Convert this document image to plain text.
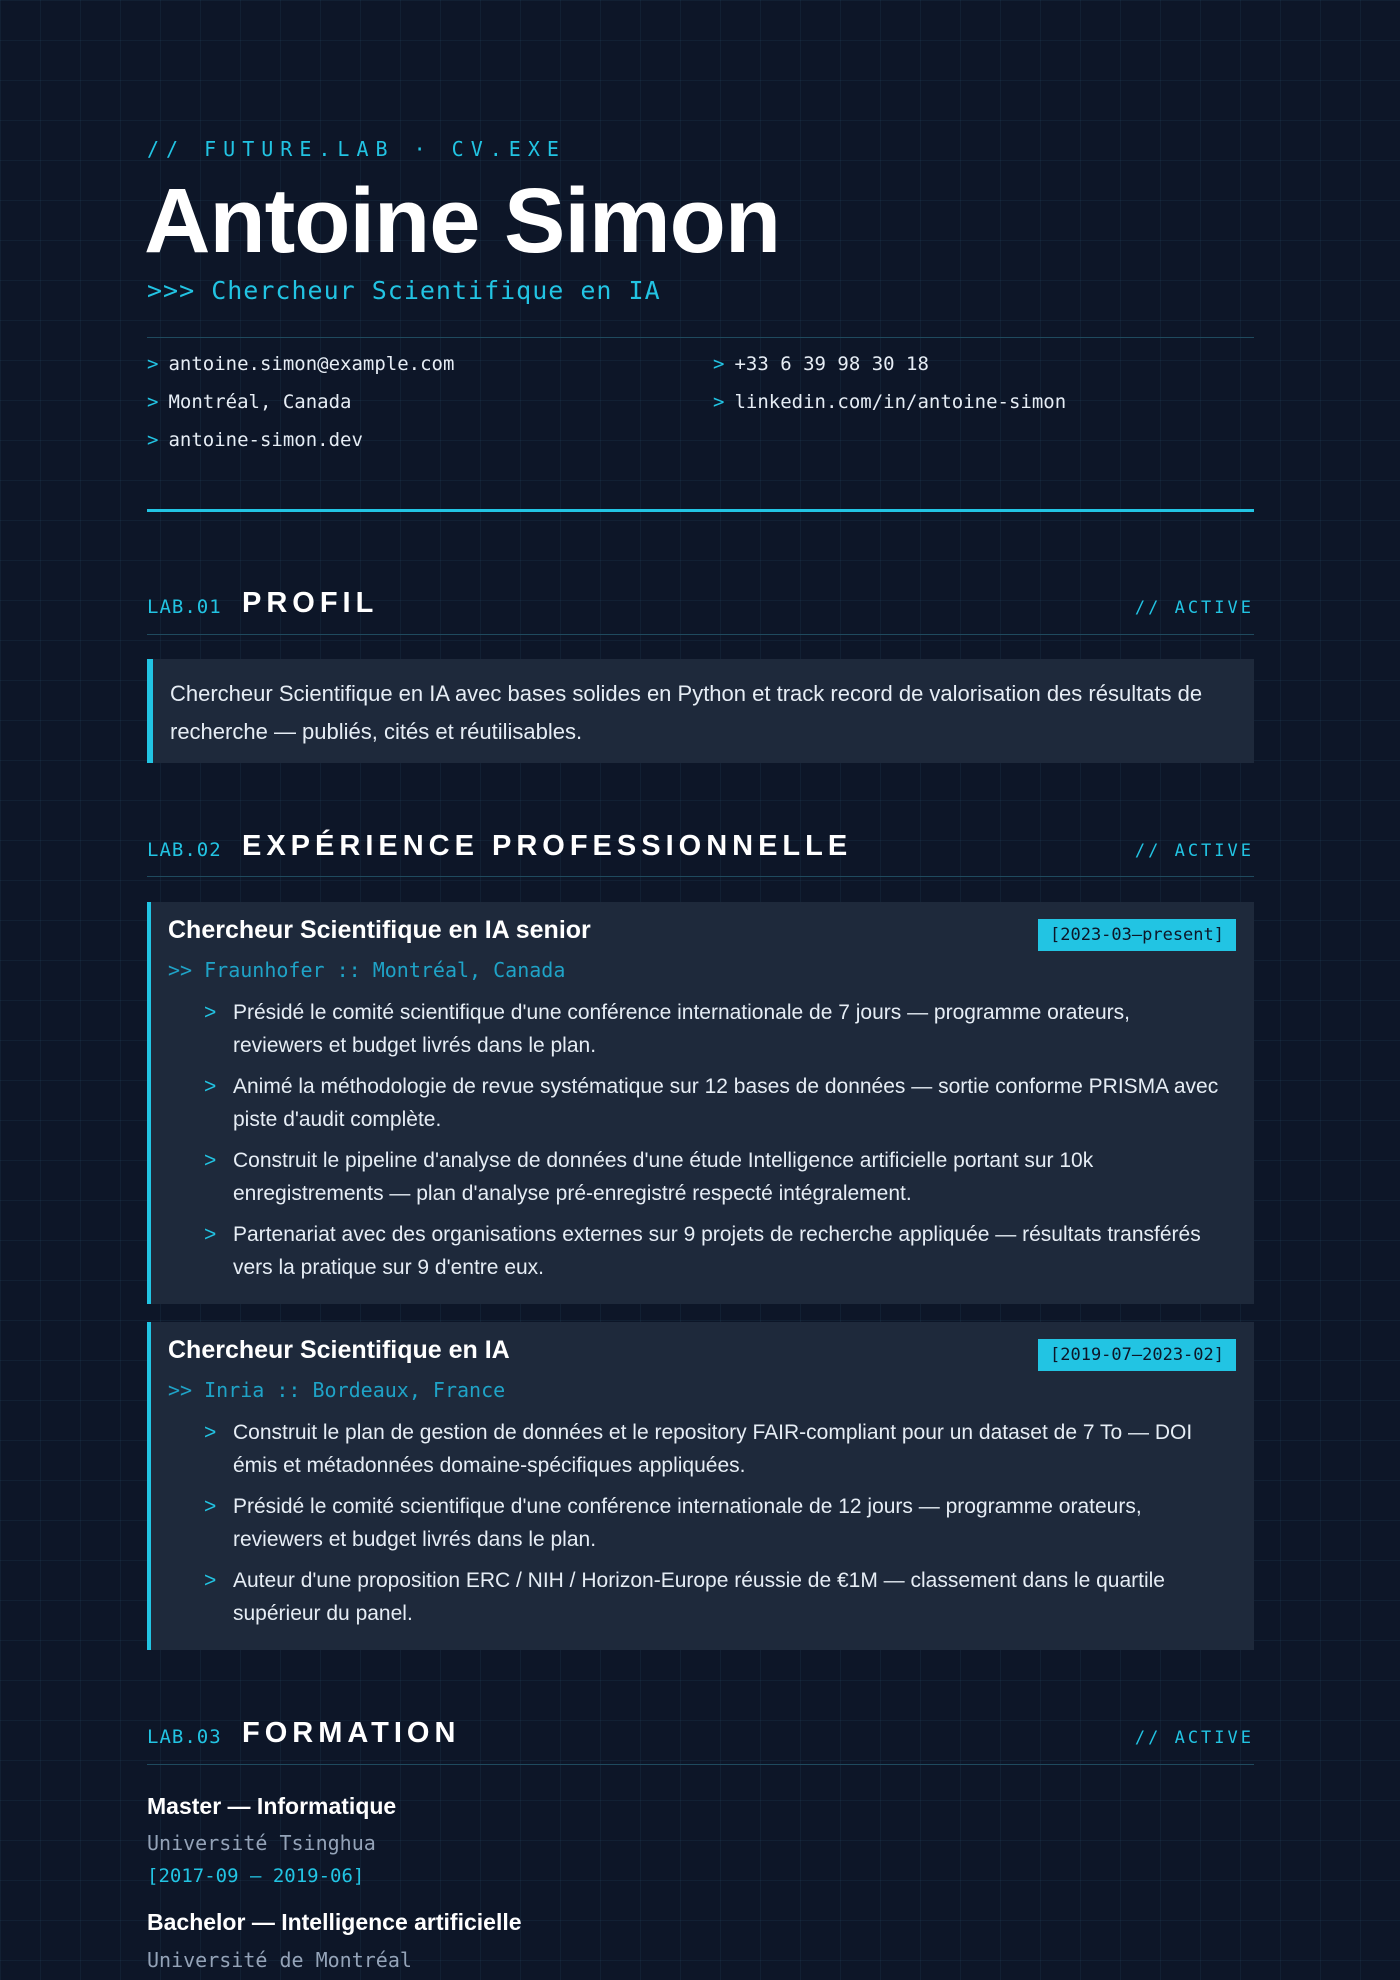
// FUTURE.LAB · CV.EXE
Antoine Simon
>>> Chercheur Scientifique en IA
> antoine.simon@example.com	> +33 6 39 98 30 18
> Montréal, Canada	> linkedin.com/in/antoine-simon
> antoine-simon.dev
LAB.01 PROFIL	// ACTIVE
Chercheur Scientifique en IA avec bases solides en Python et track record de valorisation des résultats de recherche — publiés, cités et réutilisables.
LAB.02 EXPÉRIENCE PROFESSIONNELLE	// ACTIVE
Chercheur Scientifique en IA senior	[2023-03—present]
>> Fraunhofer :: Montréal, Canada
> Présidé le comité scientifique d'une conférence internationale de 7 jours — programme orateurs, reviewers et budget livrés dans le plan.
> Animé la méthodologie de revue systématique sur 12 bases de données — sortie conforme PRISMA avec piste d'audit complète.
> Construit le pipeline d'analyse de données d'une étude Intelligence artificielle portant sur 10k enregistrements — plan d'analyse pré-enregistré respecté intégralement.
> Partenariat avec des organisations externes sur 9 projets de recherche appliquée — résultats transférés vers la pratique sur 9 d'entre eux.
Chercheur Scientifique en IA	[2019-07—2023-02]
>> Inria :: Bordeaux, France
> Construit le plan de gestion de données et le repository FAIR-compliant pour un dataset de 7 To — DOI émis et métadonnées domaine-spécifiques appliquées.
> Présidé le comité scientifique d'une conférence internationale de 12 jours — programme orateurs, reviewers et budget livrés dans le plan.
> Auteur d'une proposition ERC / NIH / Horizon-Europe réussie de €1M — classement dans le quartile supérieur du panel.
LAB.03 FORMATION	// ACTIVE
Master — Informatique
Université Tsinghua
[2017-09 – 2019-06]
Bachelor — Intelligence artificielle
Université de Montréal
